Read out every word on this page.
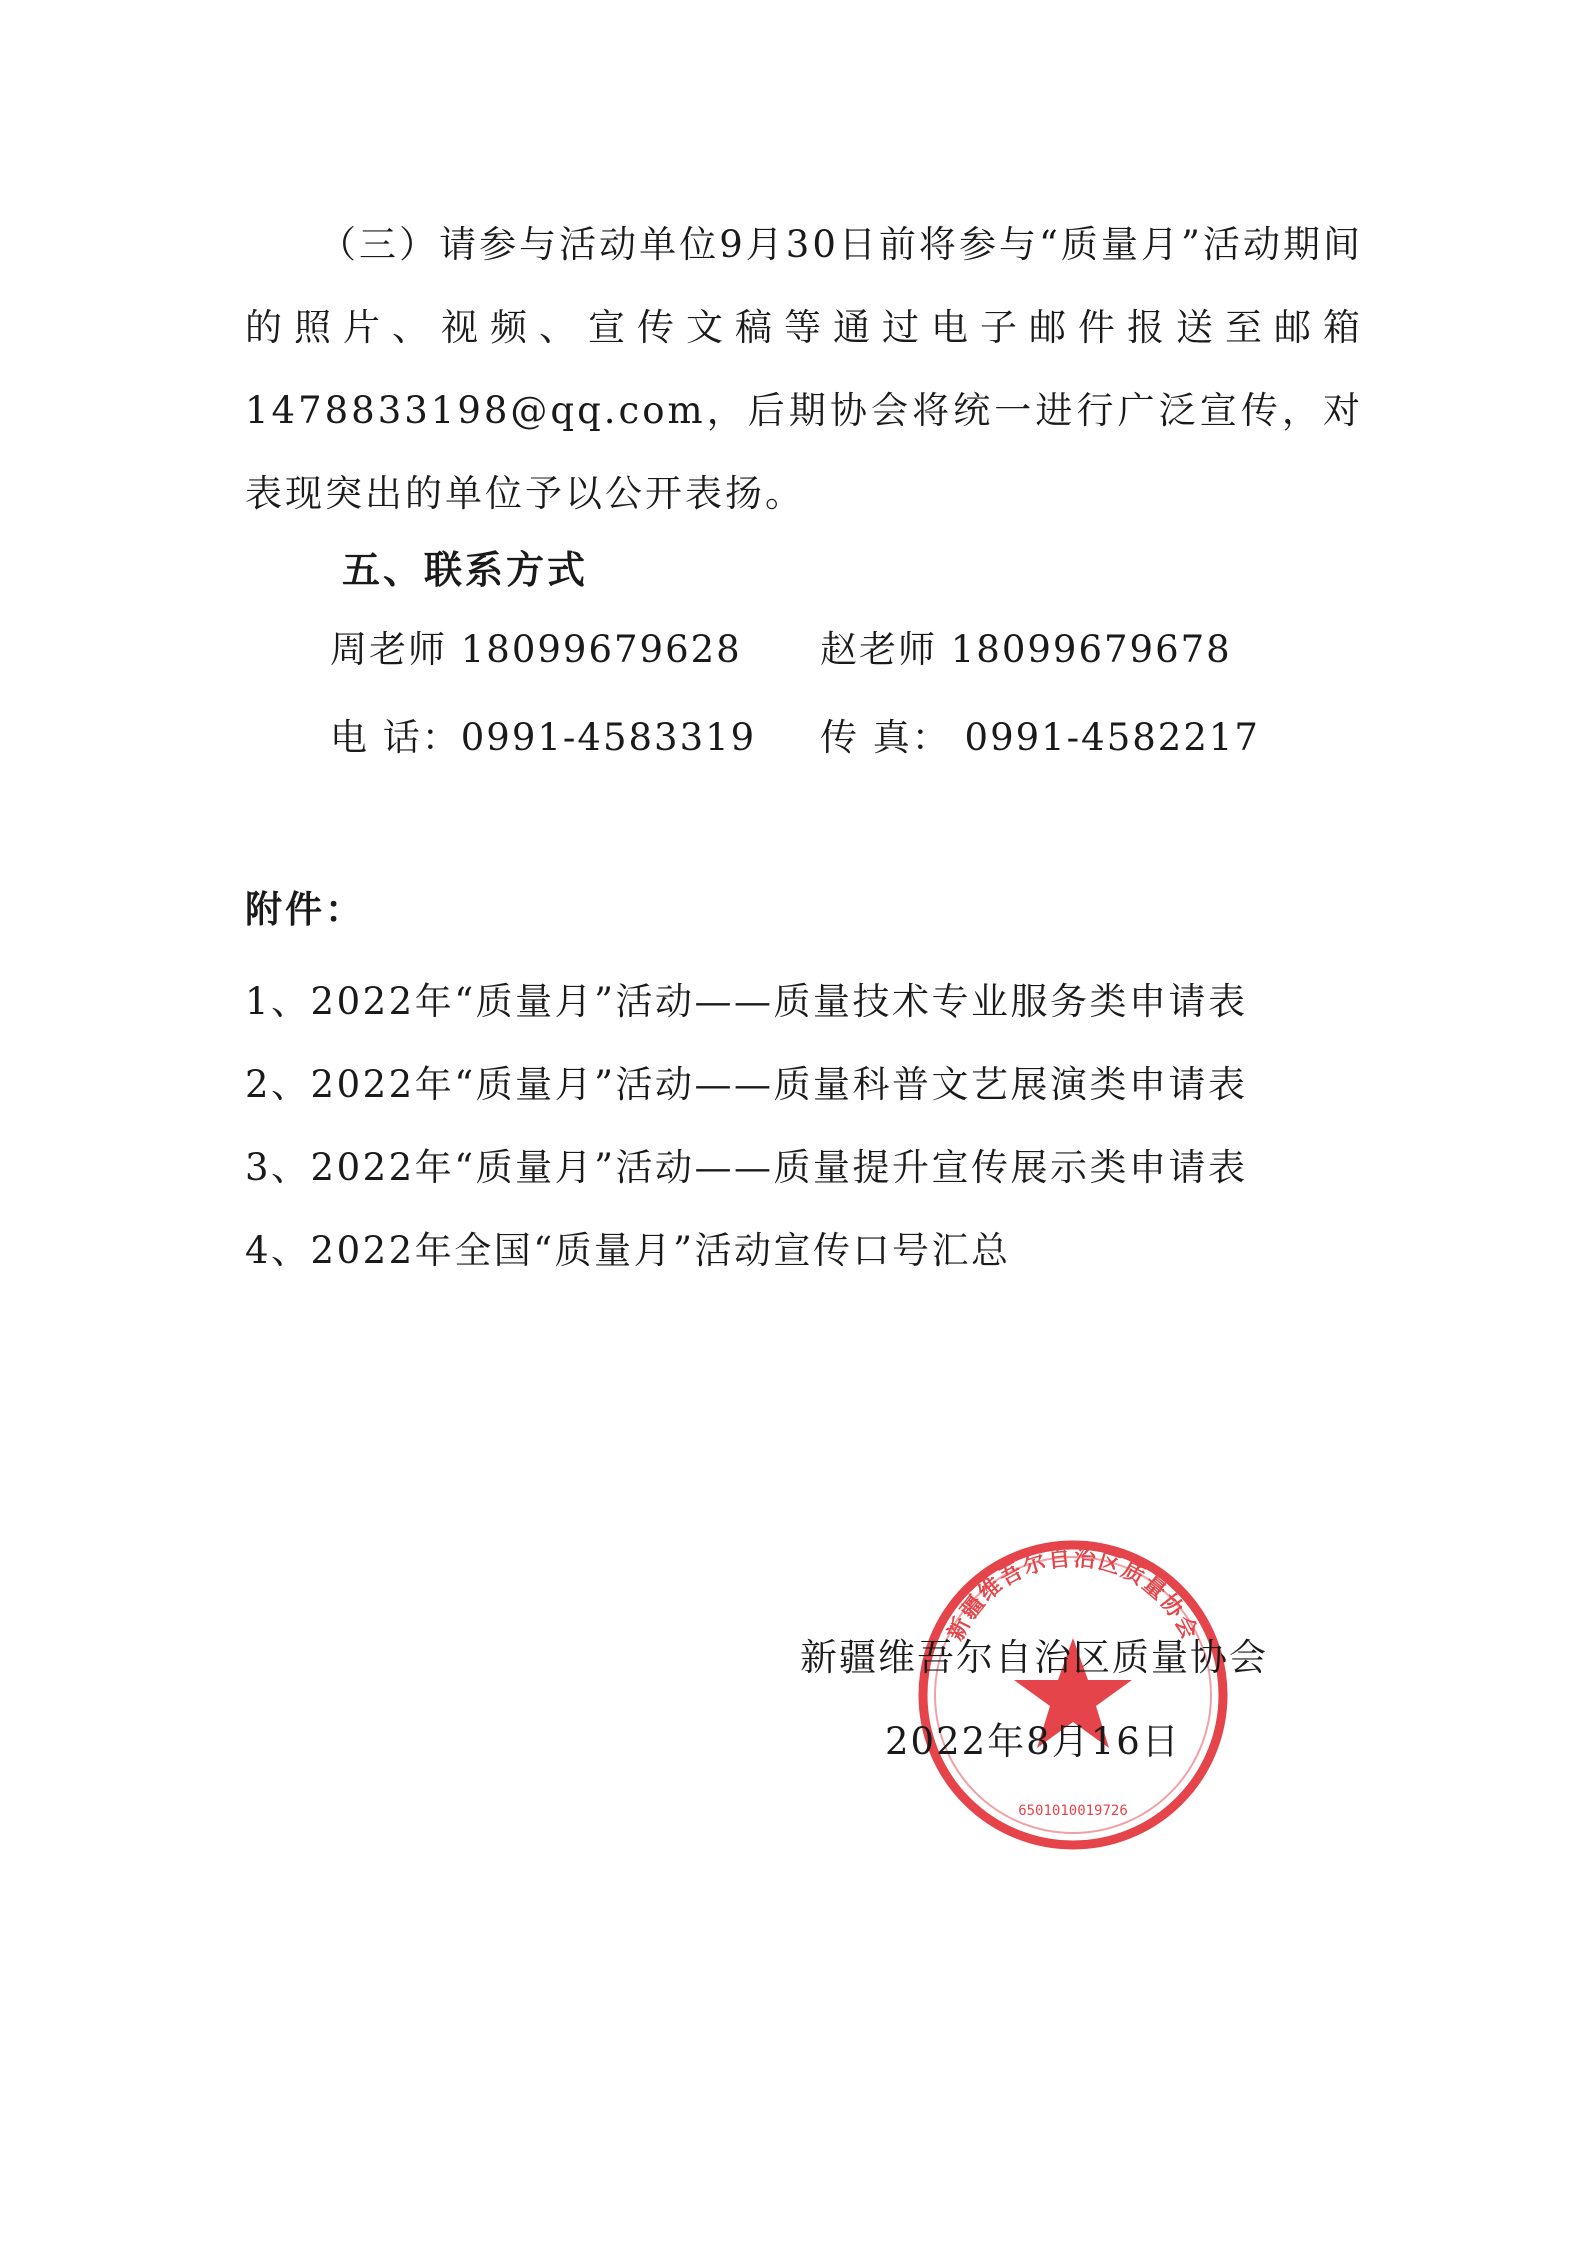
（三）请参与活动单位9月30日前将参与“质量月”活动期间的照片、视频、宣传文稿等通过电子邮件报送至邮箱1478833198@qq.com，后期协会将统一进行广泛宣传，对表现突出的单位予以公开表扬。

五、联系方式
周老师 18099679628 赵老师 18099679678
电 话：0991-4583319 传 真： 0991-4582217
附件：
1、2022年“质量月”活动——质量技术专业服务类申请表
2、2022年“质量月”活动——质量科普文艺展演类申请表
3、2022年“质量月”活动——质量提升宣传展示类申请表
4、2022年全国“质量月”活动宣传口号汇总
新疆维吾尔自治区质量协会
6501010019726
新疆维吾尔自治区质量协会
2022年8月16日
